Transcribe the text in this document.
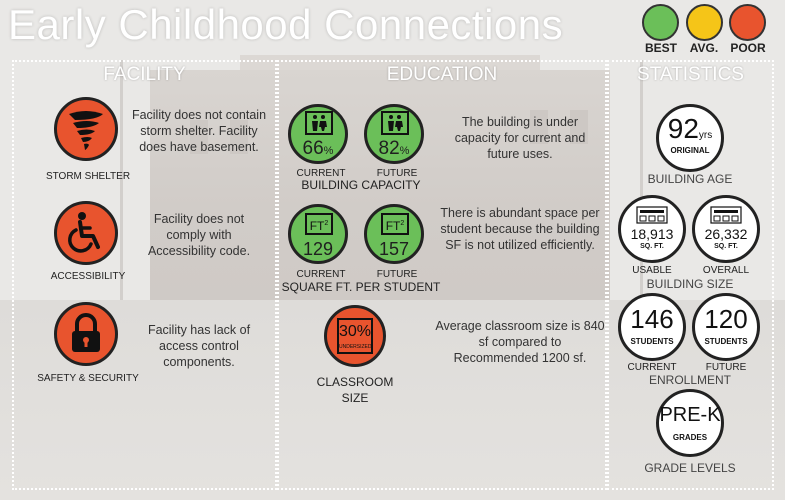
Early Childhood Connections	BEST	AVG.	POOR
FACILITY	EDUCATION	STATISTICS
STORM SHELTER
Facility does not contain storm shelter. Facility does have basement.
ACCESSIBILITY
Facility does not comply with Accessibility code.
SAFETY & SECURITY
Facility has lack of access control components.
66%	82%
CURRENT	FUTURE
BUILDING CAPACITY
The building is under capacity for current and future uses.
$FT^2$
129
$FT^2$
157
CURRENT	FUTURE
SQUARE FT. PER STUDENT
There is abundant space per student because the building SF is not utilized efficiently.
30%
UNDERSIZED
CLASSROOM
SIZE
Average classroom size is 840 sf compared to Recommended 1200 sf.
92yrs
ORIGINAL
BUILDING AGE
18,913
SQ. FT.
USABLE
26,332
SQ. FT.
OVERALL
BUILDING SIZE
146
STUDENTS
CURRENT
120
STUDENTS
FUTURE
ENROLLMENT
PRE-K
GRADES
GRADE LEVELS
